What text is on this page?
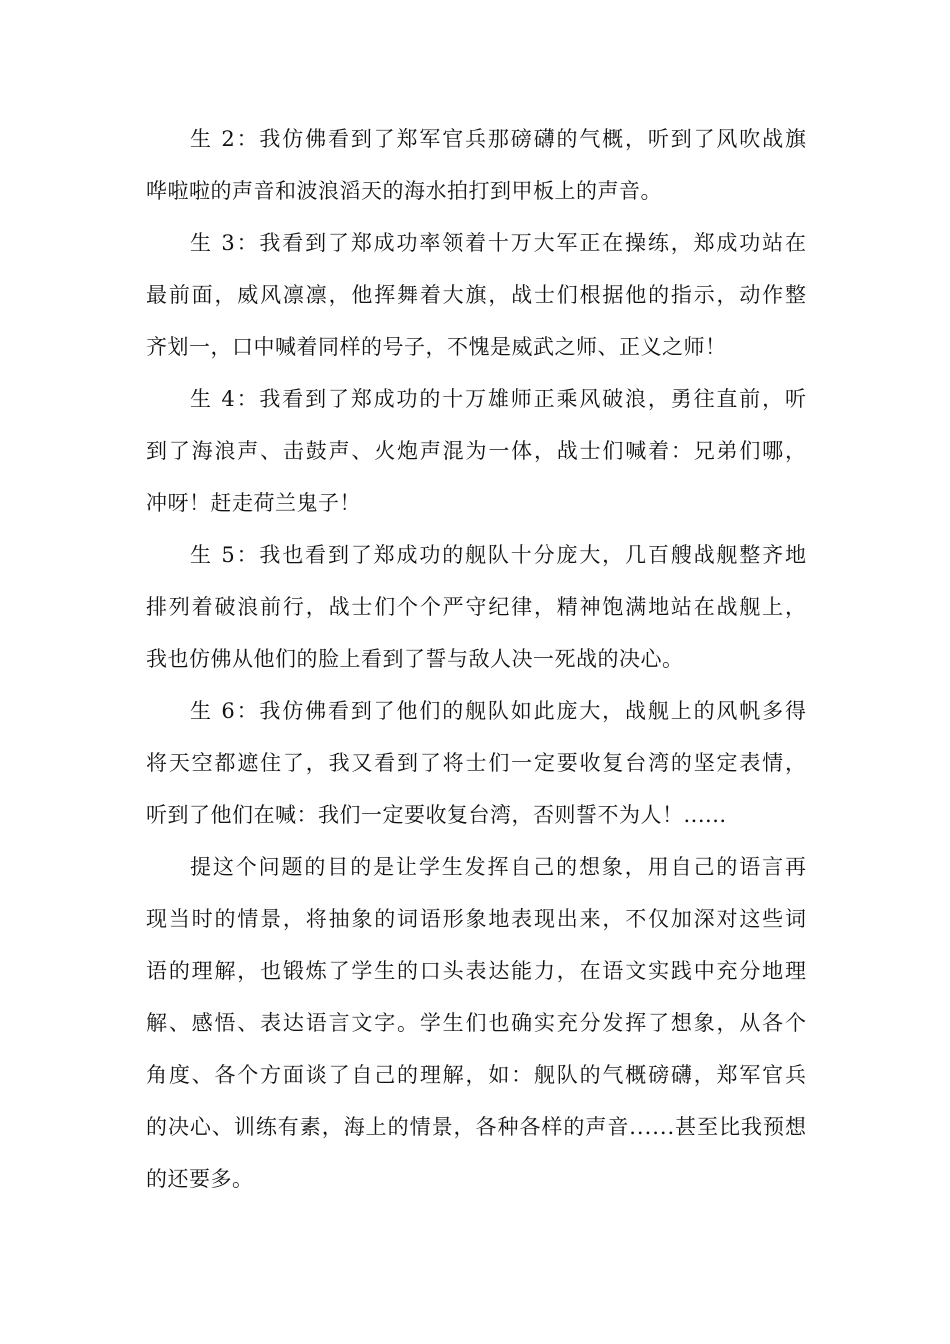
生 2：我仿佛看到了郑军官兵那磅礴的气概，听到了风吹战旗
哗啦啦的声音和波浪滔天的海水拍打到甲板上的声音。
生 3：我看到了郑成功率领着十万大军正在操练，郑成功站在
最前面，威风凛凛，他挥舞着大旗，战士们根据他的指示，动作整
齐划一，口中喊着同样的号子，不愧是威武之师、正义之师！
生 4：我看到了郑成功的十万雄师正乘风破浪，勇往直前，听
到了海浪声、击鼓声、火炮声混为一体，战士们喊着：兄弟们哪，
冲呀！赶走荷兰鬼子！
生 5：我也看到了郑成功的舰队十分庞大，几百艘战舰整齐地
排列着破浪前行，战士们个个严守纪律，精神饱满地站在战舰上，
我也仿佛从他们的脸上看到了誓与敌人决一死战的决心。
生 6：我仿佛看到了他们的舰队如此庞大，战舰上的风帆多得
将天空都遮住了，我又看到了将士们一定要收复台湾的坚定表情，
听到了他们在喊：我们一定要收复台湾，否则誓不为人！......
提这个问题的目的是让学生发挥自己的想象，用自己的语言再
现当时的情景，将抽象的词语形象地表现出来，不仅加深对这些词
语的理解，也锻炼了学生的口头表达能力，在语文实践中充分地理
解、感悟、表达语言文字。学生们也确实充分发挥了想象，从各个
角度、各个方面谈了自己的理解，如：舰队的气概磅礴，郑军官兵
的决心、训练有素，海上的情景，各种各样的声音......甚至比我预想
的还要多。
